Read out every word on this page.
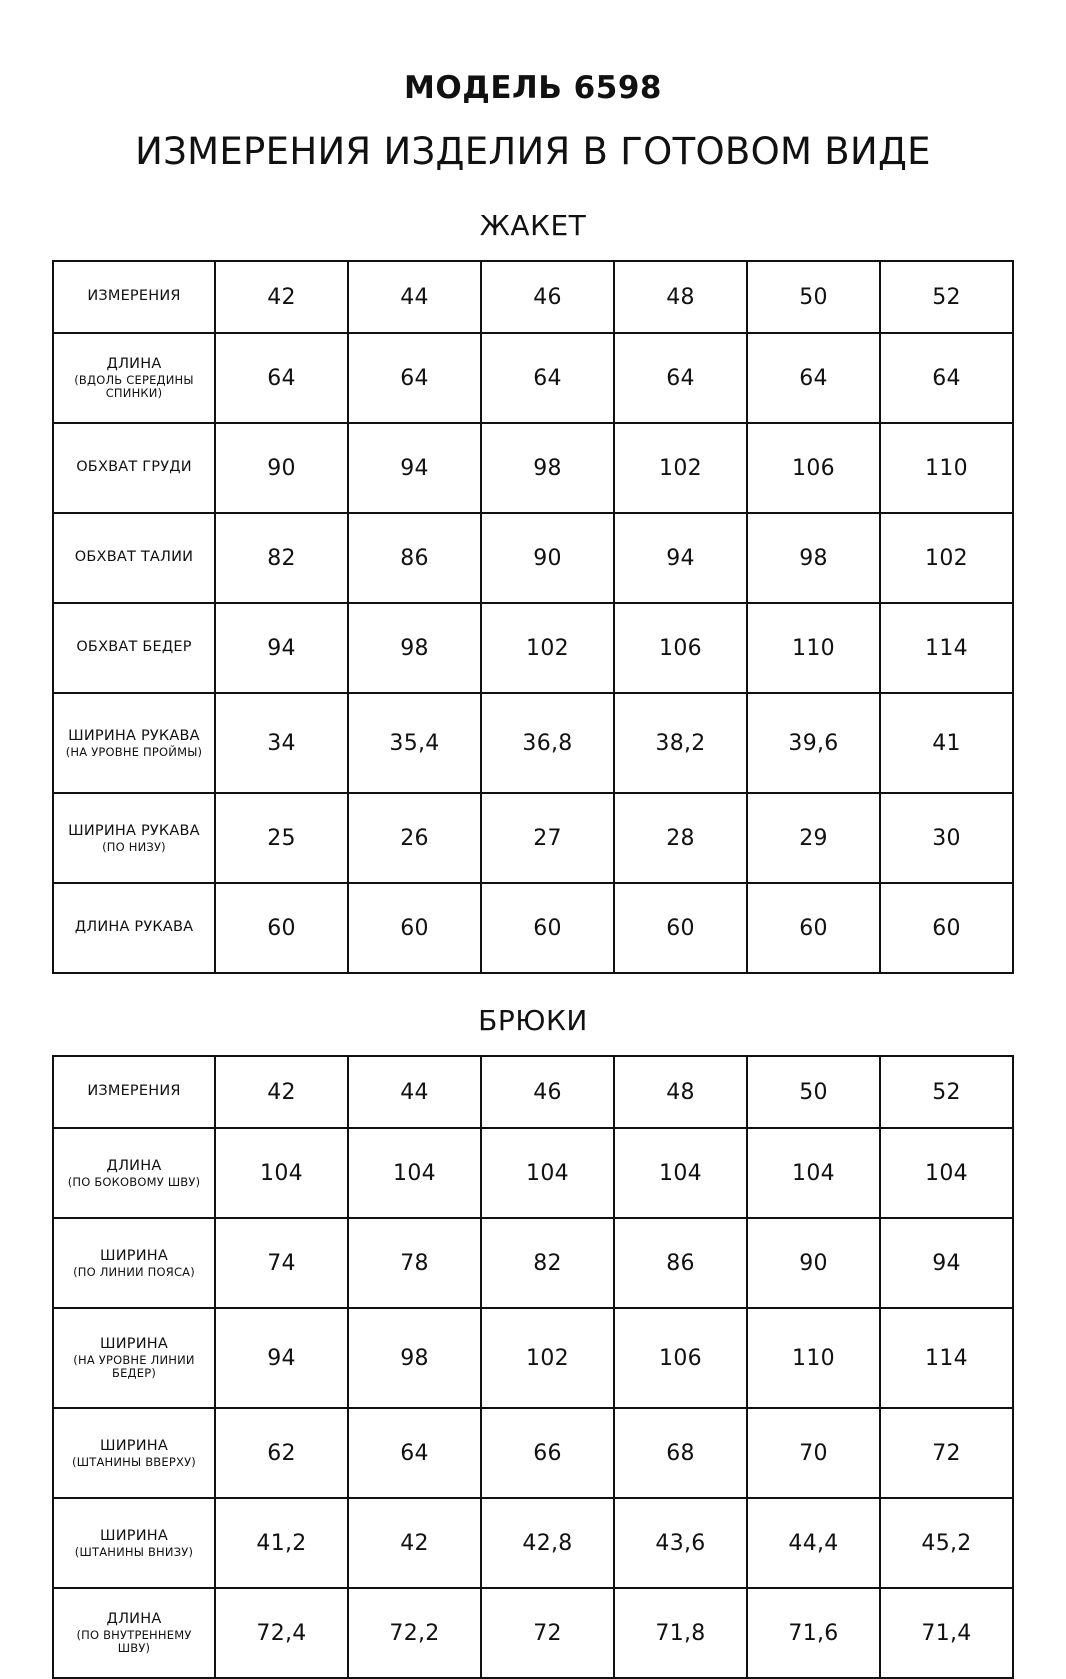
МОДЕЛЬ 6598
ИЗМЕРЕНИЯ ИЗДЕЛИЯ В ГОТОВОМ ВИДЕ
ЖАКЕТ
ИЗМЕРЕНИЯ	42	44	46	48	50	52

ДЛИНА
(ВДОЛЬ СЕРЕДИНЫ СПИНКИ)	64	64	64	64	64	64

ОБХВАТ ГРУДИ	90	94	98	102	106	110

ОБХВАТ ТАЛИИ	82	86	90	94	98	102

ОБХВАТ БЕДЕР	94	98	102	106	110	114

ШИРИНА РУКАВА
(НА УРОВНЕ ПРОЙМЫ)	34	35,4	36,8	38,2	39,6	41

ШИРИНА РУКАВА
(ПО НИЗУ)	25	26	27	28	29	30

ДЛИНА РУКАВА	60	60	60	60	60	60
БРЮКИ
ИЗМЕРЕНИЯ	42	44	46	48	50	52

ДЛИНА
(ПО БОКОВОМУ ШВУ)	104	104	104	104	104	104

ШИРИНА
(ПО ЛИНИИ ПОЯСА)	74	78	82	86	90	94

ШИРИНА
(НА УРОВНЕ ЛИНИИ БЕДЕР)	94	98	102	106	110	114

ШИРИНА
(ШТАНИНЫ ВВЕРХУ)	62	64	66	68	70	72

ШИРИНА
(ШТАНИНЫ ВНИЗУ)	41,2	42	42,8	43,6	44,4	45,2

ДЛИНА
(ПО ВНУТРЕННЕМУ ШВУ)	72,4	72,2	72	71,8	71,6	71,4
